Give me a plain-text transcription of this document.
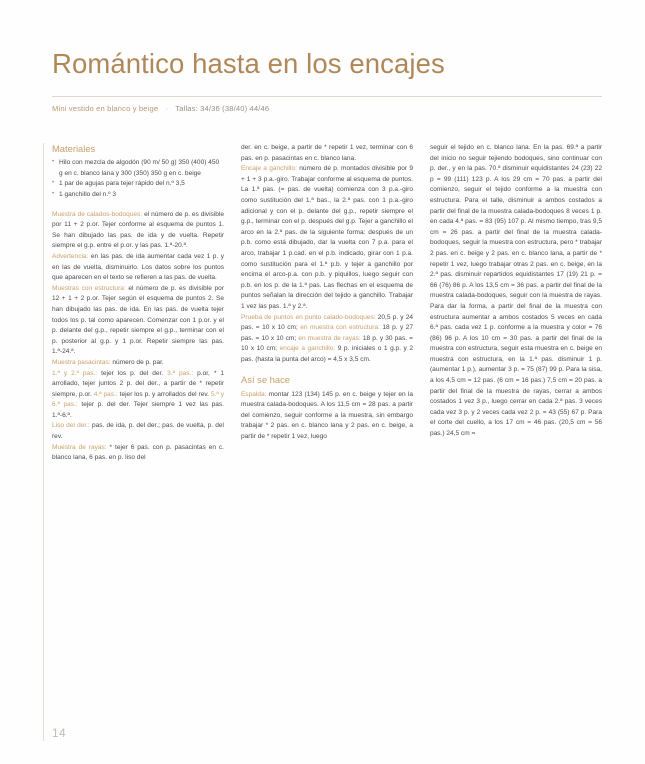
Romántico hasta en los encajes
Mini vestido en blanco y beige · Tallas: 34/36 (38/40) 44/46
Materiales
• Hilo con mezcla de algodón (90 m/ 50 g) 350 (400) 450 g en c. blanco lana y 300 (350) 350 g en c. beige
• 1 par de agujas para tejer rápido del n.º 3,5
• 1 ganchillo del n.º 3

Muestra de calados-bodoques: el número de p. es divisible por 11 + 2 p.or. Tejer conforme al esquema de puntos 1. Se han dibujado las pas. de ida y de vuelta. Repetir siempre el g.p. entre el p.or. y las pas. 1.ª-20.ª.

Advertencia: en las pas. de ida aumentar cada vez 1 p. y en las de vuelta, disminuirlo. Los datos sobre los puntos que aparecen en el texto se refieren a las pas. de vuelta.

Muestras con estructura: el número de p. es divisible por 12 + 1 + 2 p.or. Tejer según el esquema de puntos 2. Se han dibujado las pas. de ida. En las pas. de vuelta tejer todos los p. tal como aparecen. Comenzar con 1 p.or. y el p. delante del g.p., repetir siempre el g.p., terminar con el p. posterior al g.p. y 1 p.or. Repetir siempre las pas. 1.ª-24.ª.

Muestra pasacintas: número de p. par.

1.ª y 2.ª pas.: tejer los p. del der. 3.ª pas.: p.or, * 1 arrollado, tejer juntos 2 p. del der., a partir de * repetir siempre, p.or. 4.ª pas.: tejer los p. y arrollados del rev. 5.ª y 6.ª pas.: tejer p. del der. Tejer siempre 1 vez las pas. 1.ª-6.ª.

Liso del der.: pas. de ida, p. del der.; pas. de vuelta, p. del rev.

Muestra de rayas: * tejer 6 pas. con p. pasacintas en c. blanco lana, 6 pas. en p. liso del

der. en c. beige, a partir de * repetir 1 vez, terminar con 6 pas. en p. pasacintas en c. blanco lana.

Encaje a ganchillo: número de p. montados divisible por 9 + 1 + 3 p.a.-giro. Trabajar conforme al esquema de puntos. La 1.ª pas. (= pas. de vuelta) comienza con 3 p.a.-giro como sustitución del 1.ª bas., la 2.ª pas. con 1 p.a.-giro adicional y con el p. delante del g.p., repetir siempre el g.p., terminar con el p. después del g.p. Tejer a ganchillo el arco en la 2.ª pas. de la siguiente forma: después de un p.b. como está dibujado, dar la vuelta con 7 p.a. para el arco, trabajar 1 p.cad. en el p.b. indicado, girar con 1 p.a. como sustitución para el 1.ª p.b. y tejer a ganchillo por encima el arco-p.a. con p.b. y piquillos, luego seguir con p.b. en los p. de la 1.ª pas. Las flechas en el esquema de puntos señalan la dirección del tejido a ganchillo. Trabajar 1 vez las pas. 1.ª y 2.ª.

Prueba de puntos en punto calado-bodoques: 20,5 p. y 24 pas. = 10 x 10 cm; en muestra con estructura: 18 p. y 27 pas. = 10 x 10 cm; en muestra de rayas: 18 p. y 30 pas. = 10 x 10 cm; encaje a ganchillo: 9 p. iniciales o 1 g.p. y 2 pas. (hasta la punta del arco) = 4,5 x 3,5 cm.

Así se hace

Espalda: montar 123 (134) 145 p. en c. beige y tejer en la muestra calada-bodoques. A los 11,5 cm = 28 pas. a partir del comienzo, seguir conforme a la muestra, sin embargo trabajar * 2 pas. en c. blanco lana y 2 pas. en c. beige, a partir de * repetir 1 vez, luego

seguir el tejido en c. blanco lana. En la pas. 69.ª a partir del inicio no seguir tejiendo bodoques, sino continuar con p. der., y en la pas. 70.ª disminuir equidistantes 24 (23) 22 p = 99 (111) 123 p. A los 29 cm = 70 pas. a partir del comienzo, seguir el tejido conforme a la muestra con estructura. Para el talle, disminuir a ambos costados a partir del final de la muestra calada-bodoques 8 veces 1 p. en cada 4.ª pas. = 83 (95) 107 p. Al mismo tiempo, tras 9,5 cm = 26 pas. a partir del final de la muestra calada-bodoques, seguir la muestra con estructura, pero * trabajar 2 pas. en c. beige y 2 pas. en c. blanco lana, a partir de * repetir 1 vez, luego trabajar otras 2 pas. en c. beige, en la 2.ª pas. disminuir repartidos equidistantes 17 (19) 21 p. = 66 (76) 86 p. A los 13,5 cm = 36 pas. a partir del final de la muestra calada-bodoques, seguir con la muestra de rayas. Para dar la forma, a partir del final de la muestra con estructura aumentar a ambos costados 5 veces en cada 6.ª pas. cada vez 1 p. conforme a la muestra y color = 76 (86) 96 p. A los 10 cm = 30 pas. a partir del final de la muestra con estructura, seguir esta muestra en c. beige en muestra con estructura, en la 1.ª pas. disminuir 1 p. (aumentar 1 p.), aumentar 3 p. = 75 (87) 99 p. Para la sisa, a los 4,5 cm = 12 pas. (6 cm = 16 pas.) 7,5 cm = 20 pas. a partir del final de la muestra de rayas, cerrar a ambos costados 1 vez 3 p., luego cerrar en cada 2.ª pas. 3 veces cada vez 3 p. y 2 veces cada vez 2 p. = 43 (55) 67 p. Para el corte del cuello, a los 17 cm = 46 pas. (20,5 cm = 56 pas.) 24,5 cm =

14
